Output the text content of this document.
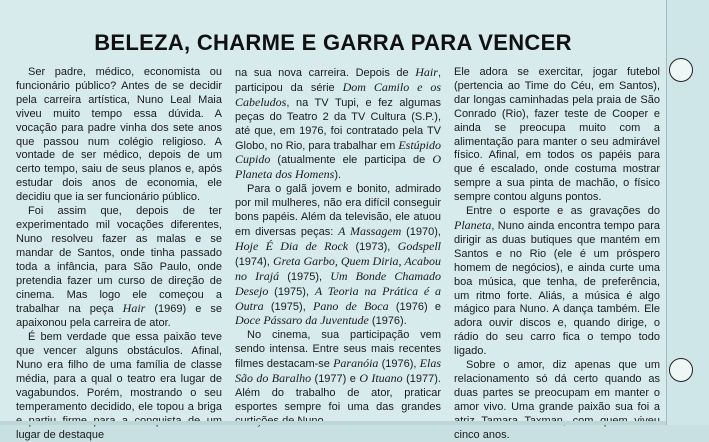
BELEZA, CHARME E GARRA PARA VENCER

Ser padre, médico, economista ou funcionário público? Antes de se decidir pela carreira artística, Nuno Leal Maia viveu muito tempo essa dúvida. A vocação para padre vinha dos sete anos que passou num colégio religioso. A vontade de ser médico, depois de um certo tempo, saiu de seus planos e, após estudar dois anos de economia, ele decidiu que ia ser funcionário público.

Foi assim que, depois de ter experimentado mil vocações diferentes, Nuno resolveu fazer as malas e se mandar de Santos, onde tinha passado toda a infância, para São Paulo, onde pretendia fazer um curso de direção de cinema. Mas logo ele começou a trabalhar na peça Hair (1969) e se apaixonou pela carreira de ator.

É bem verdade que essa paixão teve que vencer alguns obstáculos. Afinal, Nuno era filho de uma família de classe média, para a qual o teatro era lugar de vagabundos. Porém, mostrando o seu temperamento decidido, ele topou a briga lugar de destaque

na sua nova carreira. Depois de Hair, participou da série Dom Camilo e os Cabeludos, na TV Tupi, e fez algumas peças do Teatro 2 da TV Cultura (S.P.), até que, em 1976, foi contratado pela TV Globo, no Rio, para trabalhar em Estúpido Cupido (atualmente ele participa de O Planeta dos Homens).

Para o galã jovem e bonito, admirado por mil mulheres, não era difícil conseguir bons papéis. Além da televisão, ele atuou em diversas peças: A Massagem (1970), Hoje É Dia de Rock (1973), Godspell (1974), Greta Garbo, Quem Diria, Acabou no Irajá (1975), Um Bonde Chamado Desejo (1975), A Teoria na Prática é a Outra (1975), Pano de Boca (1976) e Doce Pássaro da Juventude (1976).

No cinema, sua participação vem sendo intensa. Entre seus mais recentes filmes destacam-se Paranóia (1976), Elas São do Baralho (1977) e O Ituano (1977). Além do trabalho de ator, praticar esportes sempre foi uma das grandes

Ele adora se exercitar, jogar futebol (pertencia ao Time do Céu, em Santos), dar longas caminhadas pela praia de São Conrado (Rio), fazer teste de Cooper e ainda se preocupa muito com a alimentação para manter o seu admirável físico. Afinal, em todos os papéis para que é escalado, onde costuma mostrar sempre a sua pinta de machão, o físico sempre contou alguns pontos.

Entre o esporte e as gravações do Planeta, Nuno ainda encontra tempo para dirigir as duas butiques que mantém em Santos e no Rio (ele é um próspero homem de negócios), e ainda curte uma boa música, que tenha, de preferência, um ritmo forte. Aliás, a música é algo mágico para Nuno. A dança também. Ele adora ouvir discos e, quando dirige, o rádio do seu carro fica o tempo todo ligado.

Sobre o amor, diz apenas que um relacionamento só dá certo quando as duas partes se preocupam em manter o amor vivo. Uma grande paixão sua foi a cinco anos.
